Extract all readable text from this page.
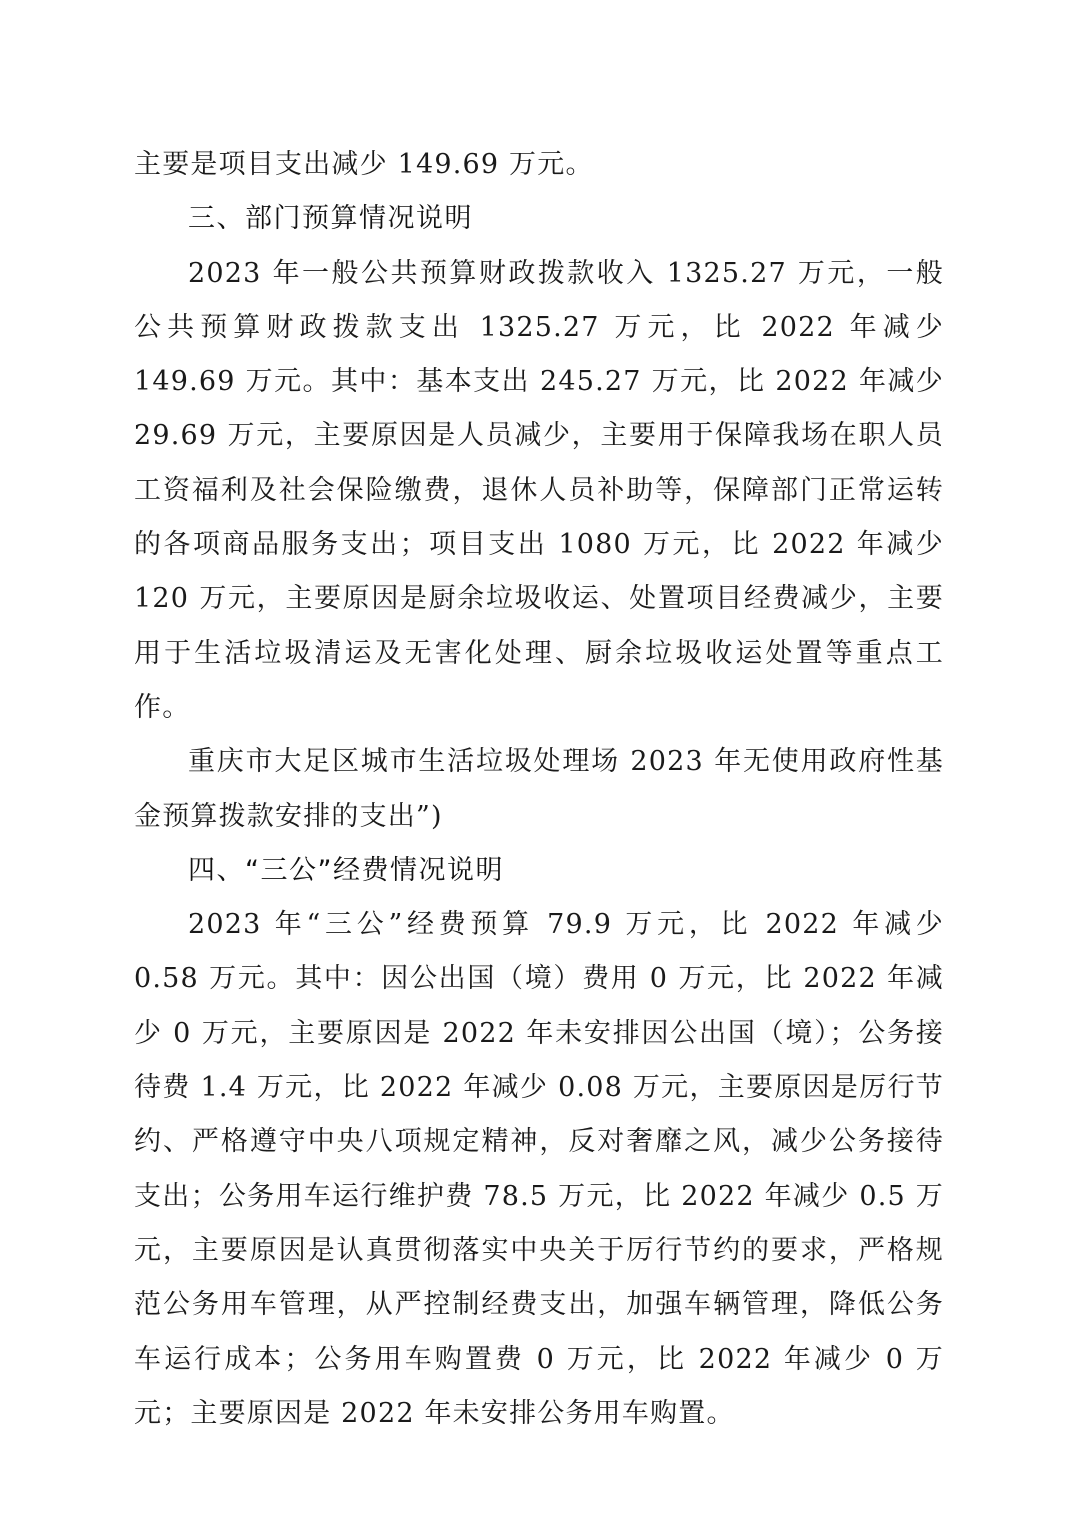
主要是项目支出减少 149.69 万元。

三、部门预算情况说明

2023 年一般公共预算财政拨款收入 1325.27 万元，一般公共预算财政拨款支出 1325.27 万元，比 2022 年减少 149.69 万元。其中：基本支出 245.27 万元，比 2022 年减少 29.69 万元，主要原因是人员减少，主要用于保障我场在职人员工资福利及社会保险缴费，退休人员补助等，保障部门正常运转的各项商品服务支出；项目支出 1080 万元，比 2022 年减少 120 万元，主要原因是厨余垃圾收运、处置项目经费减少，主要用于生活垃圾清运及无害化处理、厨余垃圾收运处置等重点工作。

重庆市大足区城市生活垃圾处理场 2023 年无使用政府性基金预算拨款安排的支出”)

四、“三公”经费情况说明

2023 年“三公”经费预算 79.9 万元，比 2022 年减少 0.58 万元。其中：因公出国（境）费用 0 万元，比 2022 年减少 0 万元，主要原因是 2022 年未安排因公出国（境）；公务接待费 1.4 万元，比 2022 年减少 0.08 万元，主要原因是厉行节约、严格遵守中央八项规定精神，反对奢靡之风，减少公务接待支出；公务用车运行维护费 78.5 万元，比 2022 年减少 0.5 万元，主要原因是认真贯彻落实中央关于厉行节约的要求，严格规范公务用车管理，从严控制经费支出，加强车辆管理，降低公务车运行成本；公务用车购置费 0 万元，比 2022 年减少 0 万元；主要原因是 2022 年未安排公务用车购置。
